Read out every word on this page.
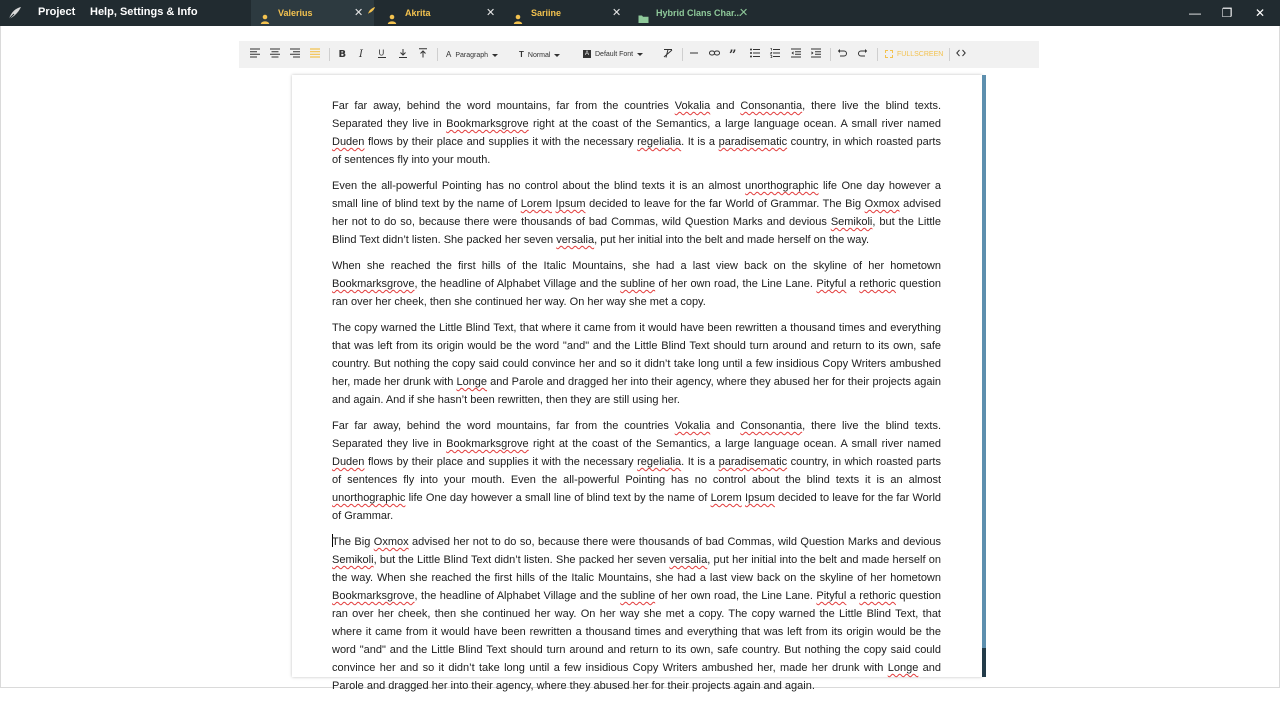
Project Help, Settings & Info	Valerius	✕	Akrita	✕	Sariine	✕	Hybrid Clans Char...
✕	—	❐	✕
B I U	A Paragraph	T Normal	A Default Font	”	FULLSCREEN

Far far away, behind the word mountains, far from the countries Vokalia and Consonantia, there live the blind texts. Separated they live in Bookmarksgrove right at the coast of the Semantics, a large language ocean. A small river named Duden flows by their place and supplies it with the necessary regelialia. It is a paradisematic country, in which roasted parts of sentences fly into your mouth.

Even the all-powerful Pointing has no control about the blind texts it is an almost unorthographic life One day however a small line of blind text by the name of Lorem Ipsum decided to leave for the far World of Grammar. The Big Oxmox advised her not to do so, because there were thousands of bad Commas, wild Question Marks and devious Semikoli, but the Little Blind Text didn’t listen. She packed her seven versalia, put her initial into the belt and made herself on the way.

When she reached the first hills of the Italic Mountains, she had a last view back on the skyline of her hometown Bookmarksgrove, the headline of Alphabet Village and the subline of her own road, the Line Lane. Pityful a rethoric question ran over her cheek, then she continued her way. On her way she met a copy.

The copy warned the Little Blind Text, that where it came from it would have been rewritten a thousand times and everything that was left from its origin would be the word "and" and the Little Blind Text should turn around and return to its own, safe country. But nothing the copy said could convince her and so it didn’t take long until a few insidious Copy Writers ambushed her, made her drunk with Longe and Parole and dragged her into their agency, where they abused her for their projects again and again. And if she hasn’t been rewritten, then they are still using her.

Far far away, behind the word mountains, far from the countries Vokalia and Consonantia, there live the blind texts. Separated they live in Bookmarksgrove right at the coast of the Semantics, a large language ocean. A small river named Duden flows by their place and supplies it with the necessary regelialia. It is a paradisematic country, in which roasted parts of sentences fly into your mouth. Even the all-powerful Pointing has no control about the blind texts it is an almost unorthographic life One day however a small line of blind text by the name of Lorem Ipsum decided to leave for the far World of Grammar.

The Big Oxmox advised her not to do so, because there were thousands of bad Commas, wild Question Marks and devious Semikoli, but the Little Blind Text didn’t listen. She packed her seven versalia, put her initial into the belt and made herself on the way. When she reached the first hills of the Italic Mountains, she had a last view back on the skyline of her hometown Bookmarksgrove, the headline of Alphabet Village and the subline of her own road, the Line Lane. Pityful a rethoric question ran over her cheek, then she continued her way. On her way she met a copy. The copy warned the Little Blind Text, that where it came from it would have been rewritten a thousand times and everything that was left from its origin would be the word "and" and the Little Blind Text should turn around and return to its own, safe country. But nothing the copy said could convince her and so it didn’t take long until a few insidious Copy Writers ambushed her, made her drunk with Longe and Parole and dragged her into their agency, where they abused her for their projects again and again.
